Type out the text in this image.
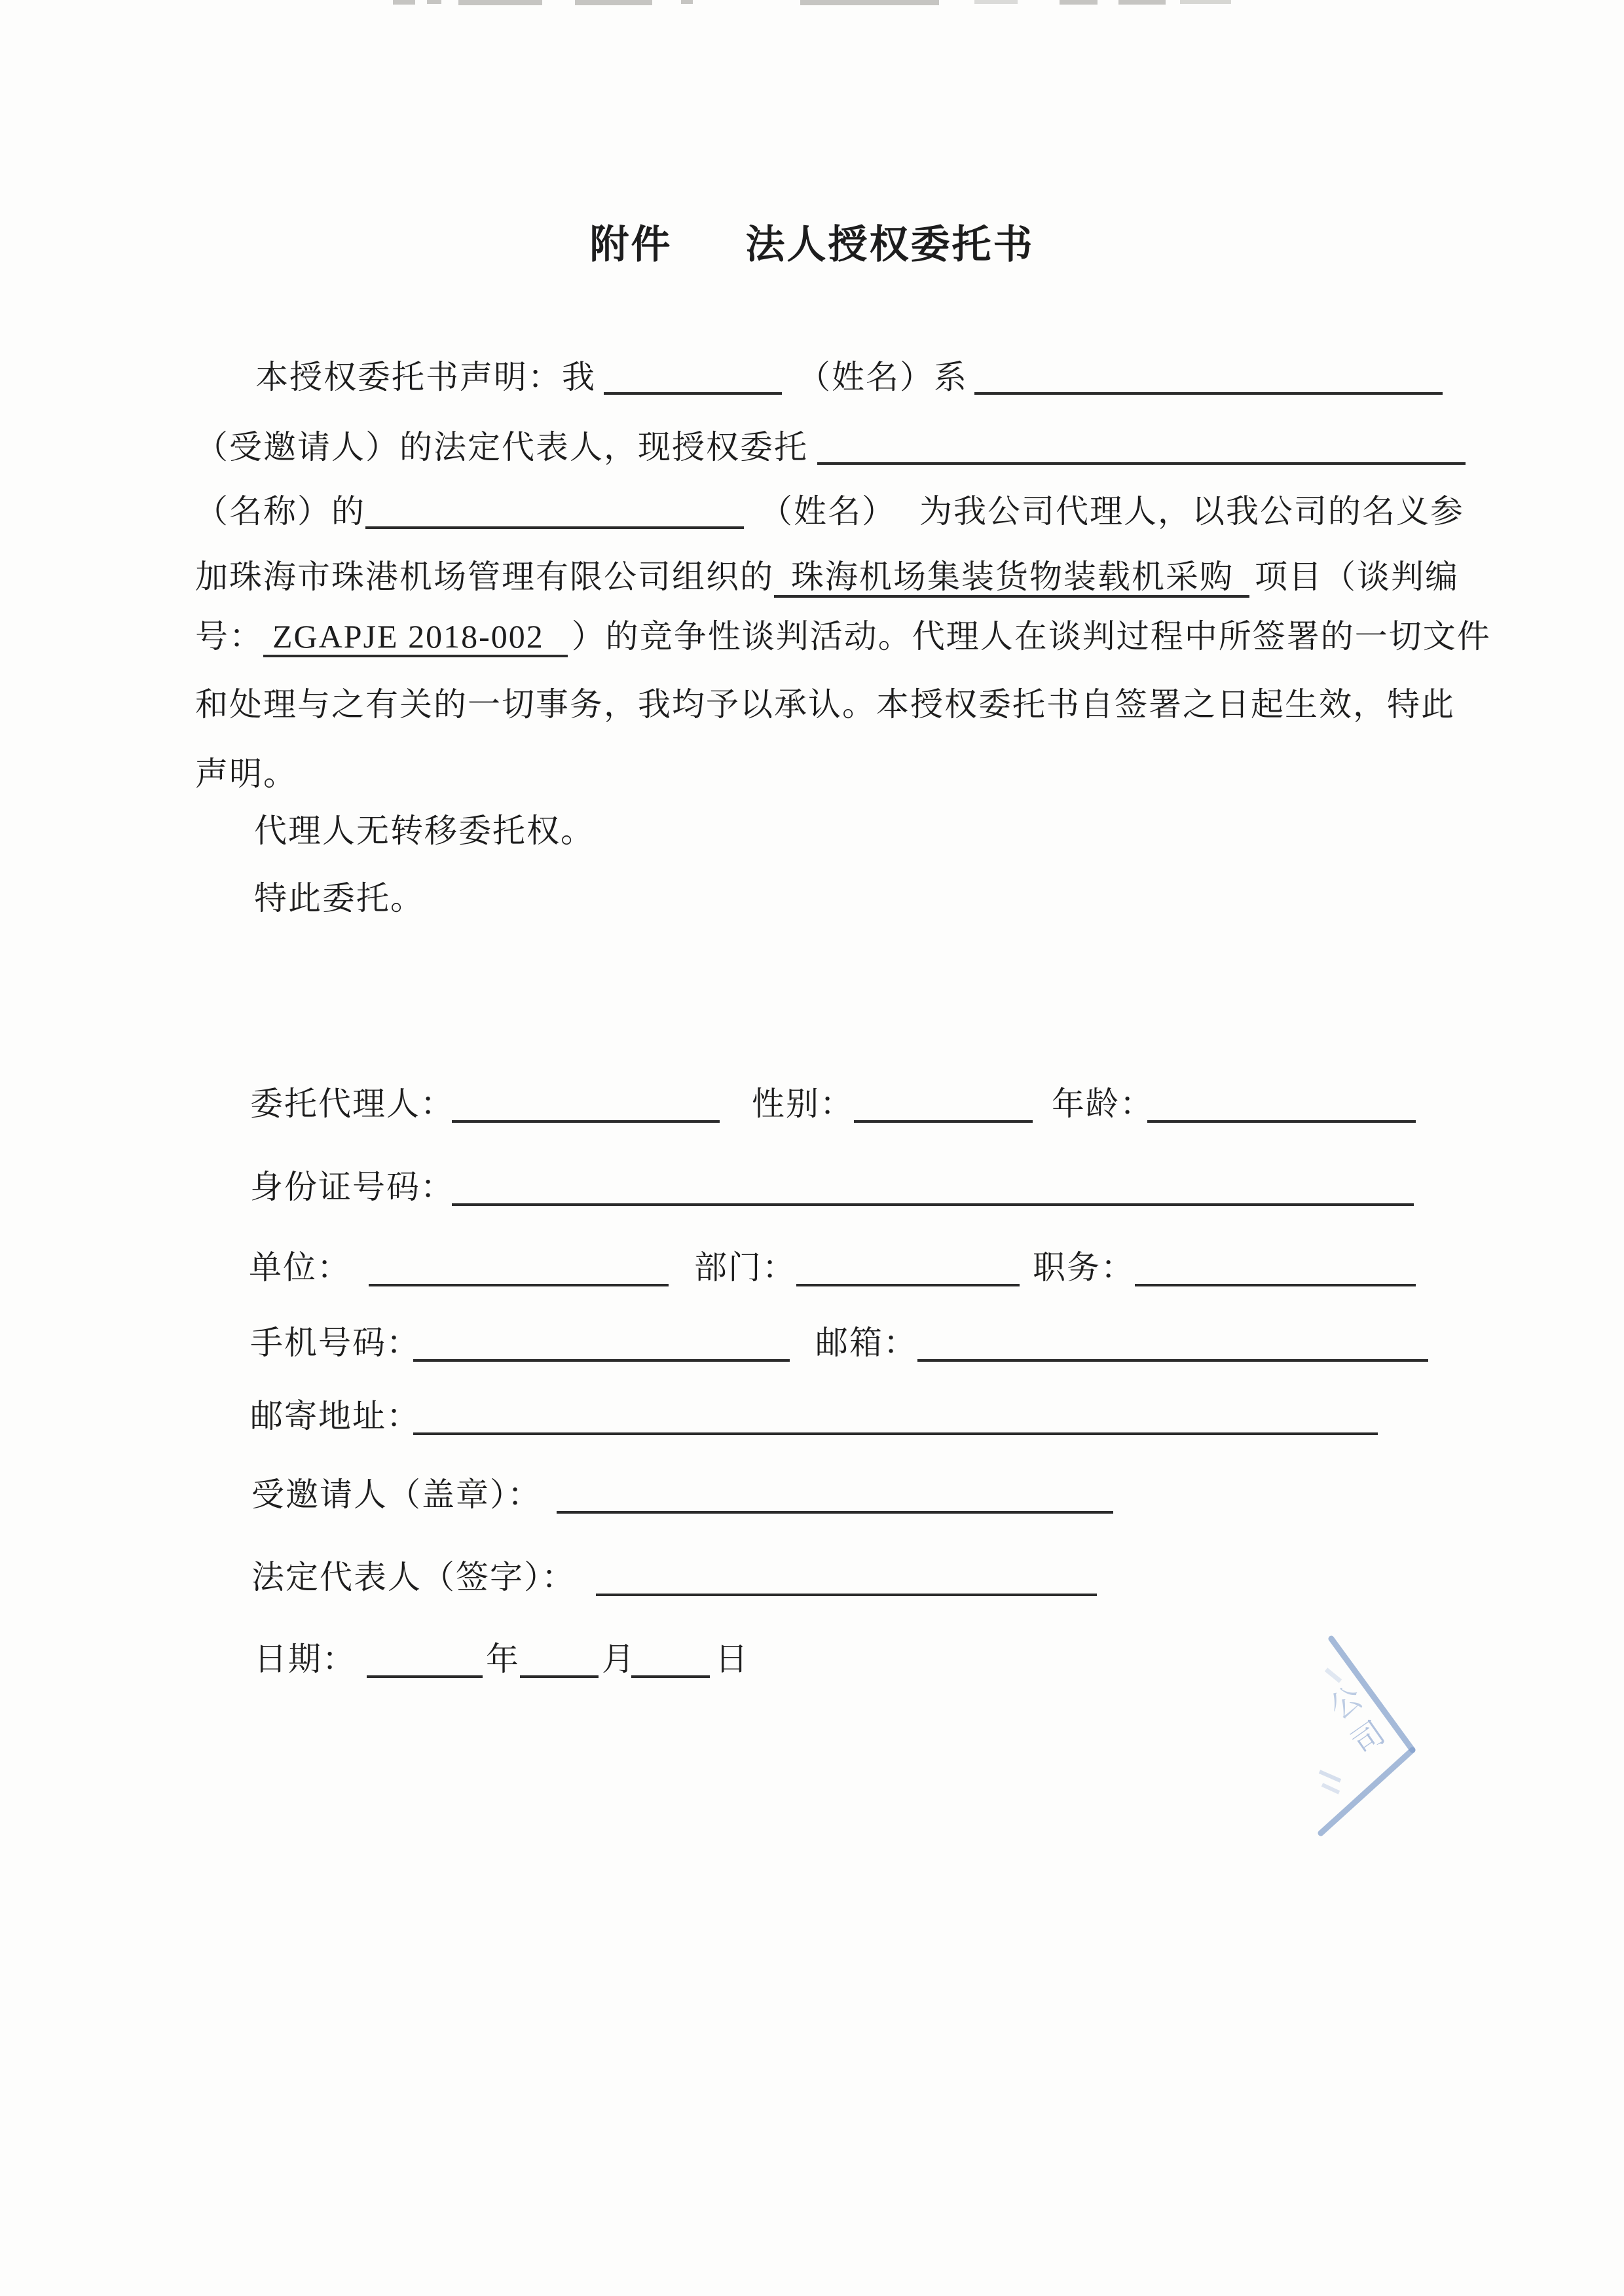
附件 法人授权委托书
本授权委托书声明：我	（姓名）系
（受邀请人）的法定代表人，现授权委托
（名称）的	（姓名） 为我公司代理人，以我公司的名义参
加珠海市珠港机场管理有限公司组织的 珠海机场集装货物装载机采购 项目（谈判编
号： ZGAPJE 2018-002 ）的竞争性谈判活动。代理人在谈判过程中所签署的一切文件
和处理与之有关的一切事务，我均予以承认。本授权委托书自签署之日起生效，特此
声明。
代理人无转移委托权。
特此委托。
委托代理人：	性别：	年龄：
身份证号码：
单位：	部门：	职务：
手机号码：	邮箱：
邮寄地址：
受邀请人（盖章）：
法定代表人（签字）：
日期：	年	月 日
公
司
